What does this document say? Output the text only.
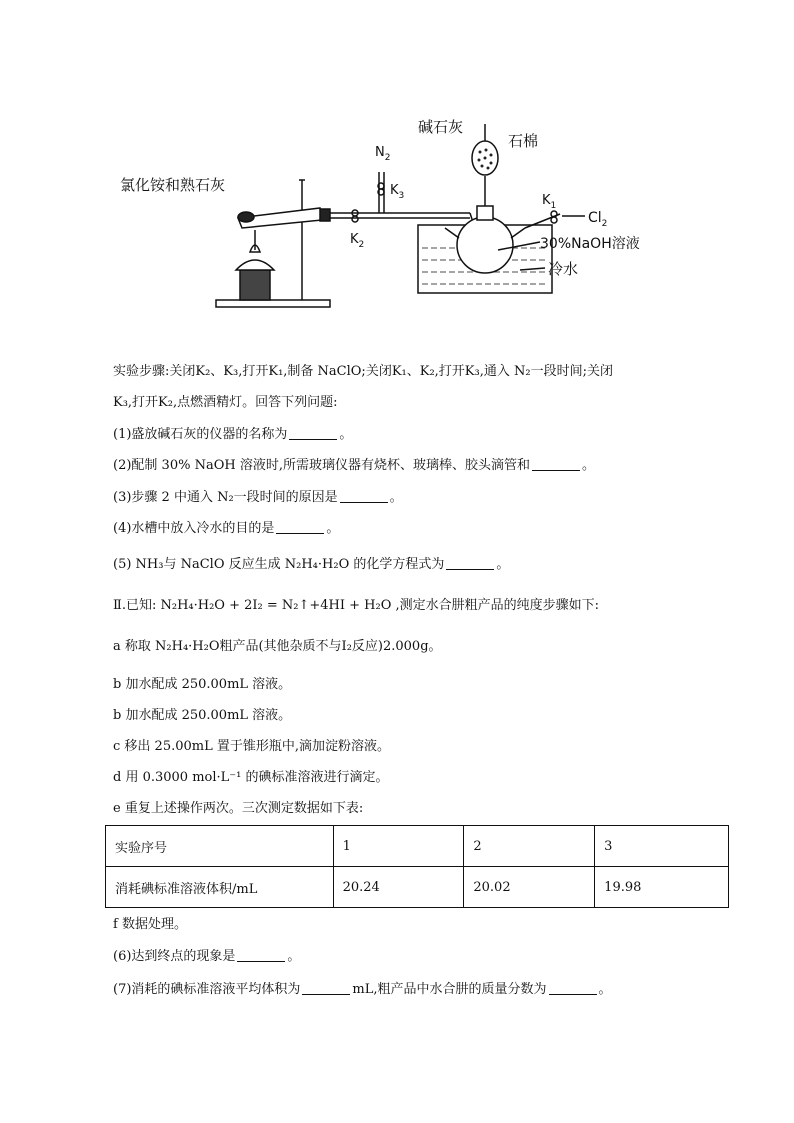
氯化铵和熟石灰
$N_2$
$K_3$
$K_2$
碱石灰
石棉
$K_1$
$Cl_2$
30%NaOH溶液
冷水
实验步骤:关闭K₂、K₃,打开K₁,制备 NaClO;关闭K₁、K₂,打开K₃,通入 N₂一段时间;关闭
K₃,打开K₂,点燃酒精灯。回答下列问题:
(1)盛放碱石灰的仪器的名称为	。
(2)配制 30% NaOH 溶液时,所需玻璃仪器有烧杯、玻璃棒、胶头滴管和	。
(3)步骤 2 中通入 N₂一段时间的原因是	。
(4)水槽中放入冷水的目的是	。
(5) NH₃与 NaClO 反应生成 N₂H₄·H₂O 的化学方程式为	。
Ⅱ.已知: N₂H₄·H₂O + 2I₂ = N₂↑+4HI + H₂O ,测定水合肼粗产品的纯度步骤如下:
a 称取 N₂H₄·H₂O粗产品(其他杂质不与I₂反应)2.000g。
b 加水配成 250.00mL 溶液。
b 加水配成 250.00mL 溶液。
c 移出 25.00mL 置于锥形瓶中,滴加淀粉溶液。
d 用 0.3000 mol·L⁻¹ 的碘标准溶液进行滴定。
e 重复上述操作两次。三次测定数据如下表:
实验序号	1	2	3
消耗碘标准溶液体积/mL	20.24	20.02	19.98
f 数据处理。
(6)达到终点的现象是	。
(7)消耗的碘标准溶液平均体积为	mL,粗产品中水合肼的质量分数为	。
